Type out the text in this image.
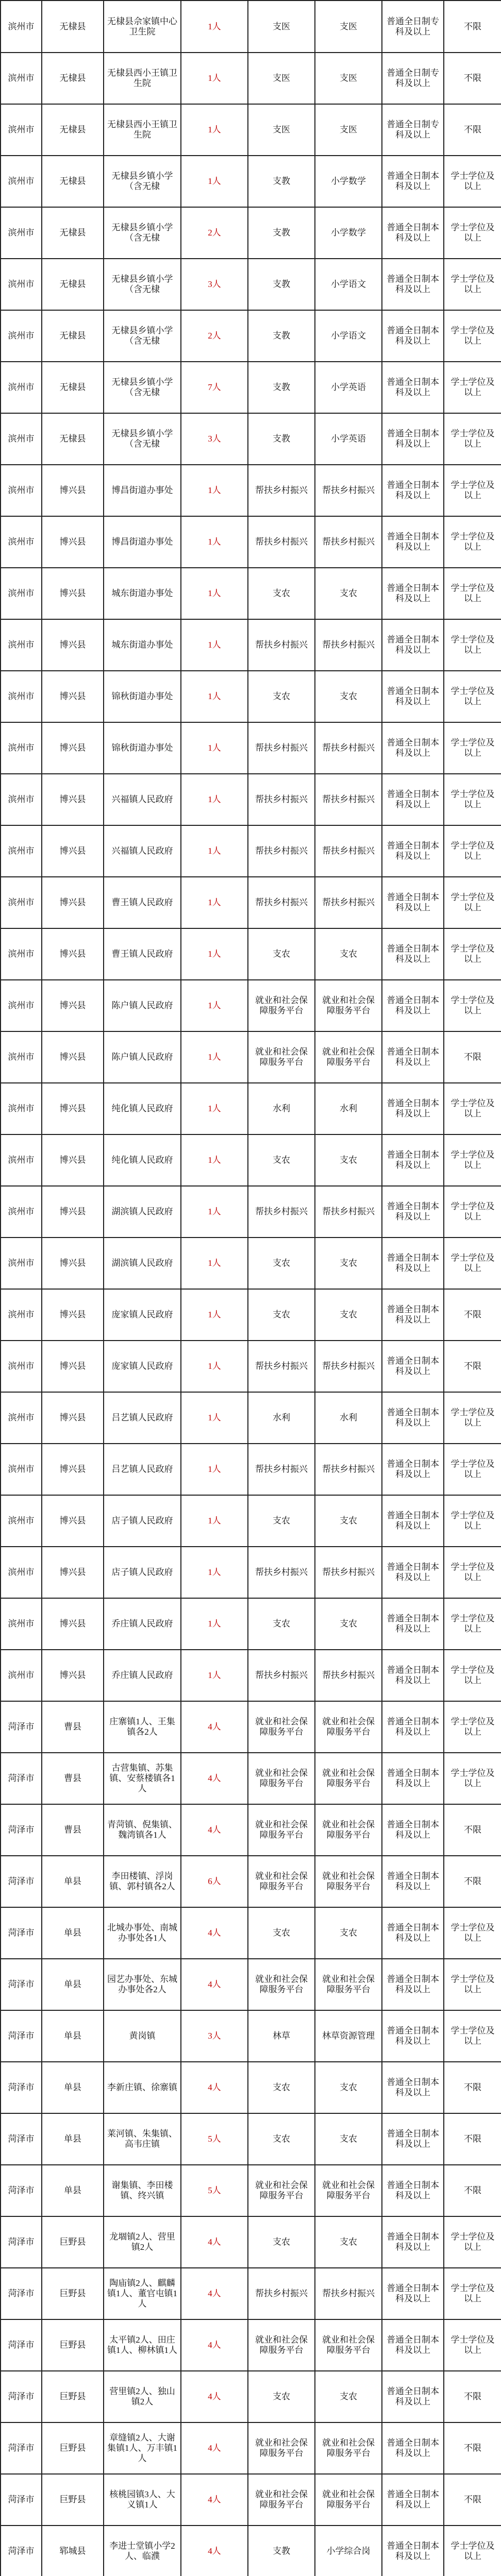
滨州市	无棣县	无棣县佘家镇中心卫生院	1人	支医	支医	普通全日制专科及以上	不限
滨州市	无棣县	无棣县西小王镇卫生院	1人	支医	支医	普通全日制专科及以上	不限
滨州市	无棣县	无棣县西小王镇卫生院	1人	支医	支医	普通全日制专科及以上	不限
滨州市	无棣县	无棣县乡镇小学（含无棣	1人	支教	小学数学	普通全日制本科及以上	学士学位及以上
滨州市	无棣县	无棣县乡镇小学（含无棣	2人	支教	小学数学	普通全日制本科及以上	学士学位及以上
滨州市	无棣县	无棣县乡镇小学（含无棣	3人	支教	小学语文	普通全日制本科及以上	学士学位及以上
滨州市	无棣县	无棣县乡镇小学（含无棣	2人	支教	小学语文	普通全日制本科及以上	学士学位及以上
滨州市	无棣县	无棣县乡镇小学（含无棣	7人	支教	小学英语	普通全日制本科及以上	学士学位及以上
滨州市	无棣县	无棣县乡镇小学（含无棣	3人	支教	小学英语	普通全日制本科及以上	学士学位及以上
滨州市	博兴县	博昌街道办事处	1人	帮扶乡村振兴	帮扶乡村振兴	普通全日制本科及以上	学士学位及以上
滨州市	博兴县	博昌街道办事处	1人	帮扶乡村振兴	帮扶乡村振兴	普通全日制本科及以上	学士学位及以上
滨州市	博兴县	城东街道办事处	1人	支农	支农	普通全日制本科及以上	学士学位及以上
滨州市	博兴县	城东街道办事处	1人	帮扶乡村振兴	帮扶乡村振兴	普通全日制本科及以上	学士学位及以上
滨州市	博兴县	锦秋街道办事处	1人	支农	支农	普通全日制本科及以上	学士学位及以上
滨州市	博兴县	锦秋街道办事处	1人	帮扶乡村振兴	帮扶乡村振兴	普通全日制本科及以上	学士学位及以上
滨州市	博兴县	兴福镇人民政府	1人	帮扶乡村振兴	帮扶乡村振兴	普通全日制本科及以上	学士学位及以上
滨州市	博兴县	兴福镇人民政府	1人	帮扶乡村振兴	帮扶乡村振兴	普通全日制本科及以上	学士学位及以上
滨州市	博兴县	曹王镇人民政府	1人	帮扶乡村振兴	帮扶乡村振兴	普通全日制本科及以上	学士学位及以上
滨州市	博兴县	曹王镇人民政府	1人	支农	支农	普通全日制本科及以上	学士学位及以上
滨州市	博兴县	陈户镇人民政府	1人	就业和社会保障服务平台	就业和社会保障服务平台	普通全日制本科及以上	学士学位及以上
滨州市	博兴县	陈户镇人民政府	1人	就业和社会保障服务平台	就业和社会保障服务平台	普通全日制本科及以上	不限
滨州市	博兴县	纯化镇人民政府	1人	水利	水利	普通全日制本科及以上	学士学位及以上
滨州市	博兴县	纯化镇人民政府	1人	支农	支农	普通全日制本科及以上	学士学位及以上
滨州市	博兴县	湖滨镇人民政府	1人	帮扶乡村振兴	帮扶乡村振兴	普通全日制本科及以上	学士学位及以上
滨州市	博兴县	湖滨镇人民政府	1人	支农	支农	普通全日制本科及以上	学士学位及以上
滨州市	博兴县	庞家镇人民政府	1人	支农	支农	普通全日制本科及以上	不限
滨州市	博兴县	庞家镇人民政府	1人	帮扶乡村振兴	帮扶乡村振兴	普通全日制本科及以上	不限
滨州市	博兴县	吕艺镇人民政府	1人	水利	水利	普通全日制本科及以上	学士学位及以上
滨州市	博兴县	吕艺镇人民政府	1人	帮扶乡村振兴	帮扶乡村振兴	普通全日制本科及以上	学士学位及以上
滨州市	博兴县	店子镇人民政府	1人	支农	支农	普通全日制本科及以上	学士学位及以上
滨州市	博兴县	店子镇人民政府	1人	帮扶乡村振兴	帮扶乡村振兴	普通全日制本科及以上	学士学位及以上
滨州市	博兴县	乔庄镇人民政府	1人	支农	支农	普通全日制本科及以上	学士学位及以上
滨州市	博兴县	乔庄镇人民政府	1人	帮扶乡村振兴	帮扶乡村振兴	普通全日制本科及以上	学士学位及以上
菏泽市	曹县	庄寨镇1人、王集镇各2人	4人	就业和社会保障服务平台	就业和社会保障服务平台	普通全日制本科及以上	学士学位及以上
菏泽市	曹县	古营集镇、苏集镇、安蔡楼镇各1人	4人	就业和社会保障服务平台	就业和社会保障服务平台	普通全日制本科及以上	学士学位及以上
菏泽市	曹县	青菏镇、倪集镇、魏湾镇各1人	4人	就业和社会保障服务平台	就业和社会保障服务平台	普通全日制本科及以上	不限
菏泽市	单县	李田楼镇、浮岗镇、郭村镇各2人	6人	就业和社会保障服务平台	就业和社会保障服务平台	普通全日制本科及以上	不限
菏泽市	单县	北城办事处、南城办事处各1人	4人	支农	支农	普通全日制本科及以上	学士学位及以上
菏泽市	单县	园艺办事处、东城办事处各2人	4人	就业和社会保障服务平台	就业和社会保障服务平台	普通全日制本科及以上	学士学位及以上
菏泽市	单县	黄岗镇	3人	林草	林草资源管理	普通全日制本科及以上	学士学位及以上
菏泽市	单县	李新庄镇、徐寨镇	4人	支农	支农	普通全日制本科及以上	不限
菏泽市	单县	莱河镇、朱集镇、高韦庄镇	5人	支农	支农	普通全日制本科及以上	不限
菏泽市	单县	谢集镇、李田楼镇、终兴镇	5人	就业和社会保障服务平台	就业和社会保障服务平台	普通全日制本科及以上	不限
菏泽市	巨野县	龙堌镇2人、营里镇2人	4人	支农	支农	普通全日制本科及以上	学士学位及以上
菏泽市	巨野县	陶庙镇2人、麒麟镇1人、董官屯镇1人	4人	帮扶乡村振兴	帮扶乡村振兴	普通全日制本科及以上	学士学位及以上
菏泽市	巨野县	太平镇2人、田庄镇1人、柳林镇1人	4人	就业和社会保障服务平台	就业和社会保障服务平台	普通全日制本科及以上	学士学位及以上
菏泽市	巨野县	营里镇2人、独山镇2人	4人	支农	支农	普通全日制本科及以上	不限
菏泽市	巨野县	章缝镇2人、大谢集镇1人、万丰镇1人	4人	就业和社会保障服务平台	就业和社会保障服务平台	普通全日制本科及以上	不限
菏泽市	巨野县	核桃园镇3人、大义镇1人	4人	就业和社会保障服务平台	就业和社会保障服务平台	普通全日制本科及以上	不限
菏泽市	郓城县	李进士堂镇小学2人、临濮	4人	支教	小学综合岗	普通全日制本科及以上	学士学位及以上
